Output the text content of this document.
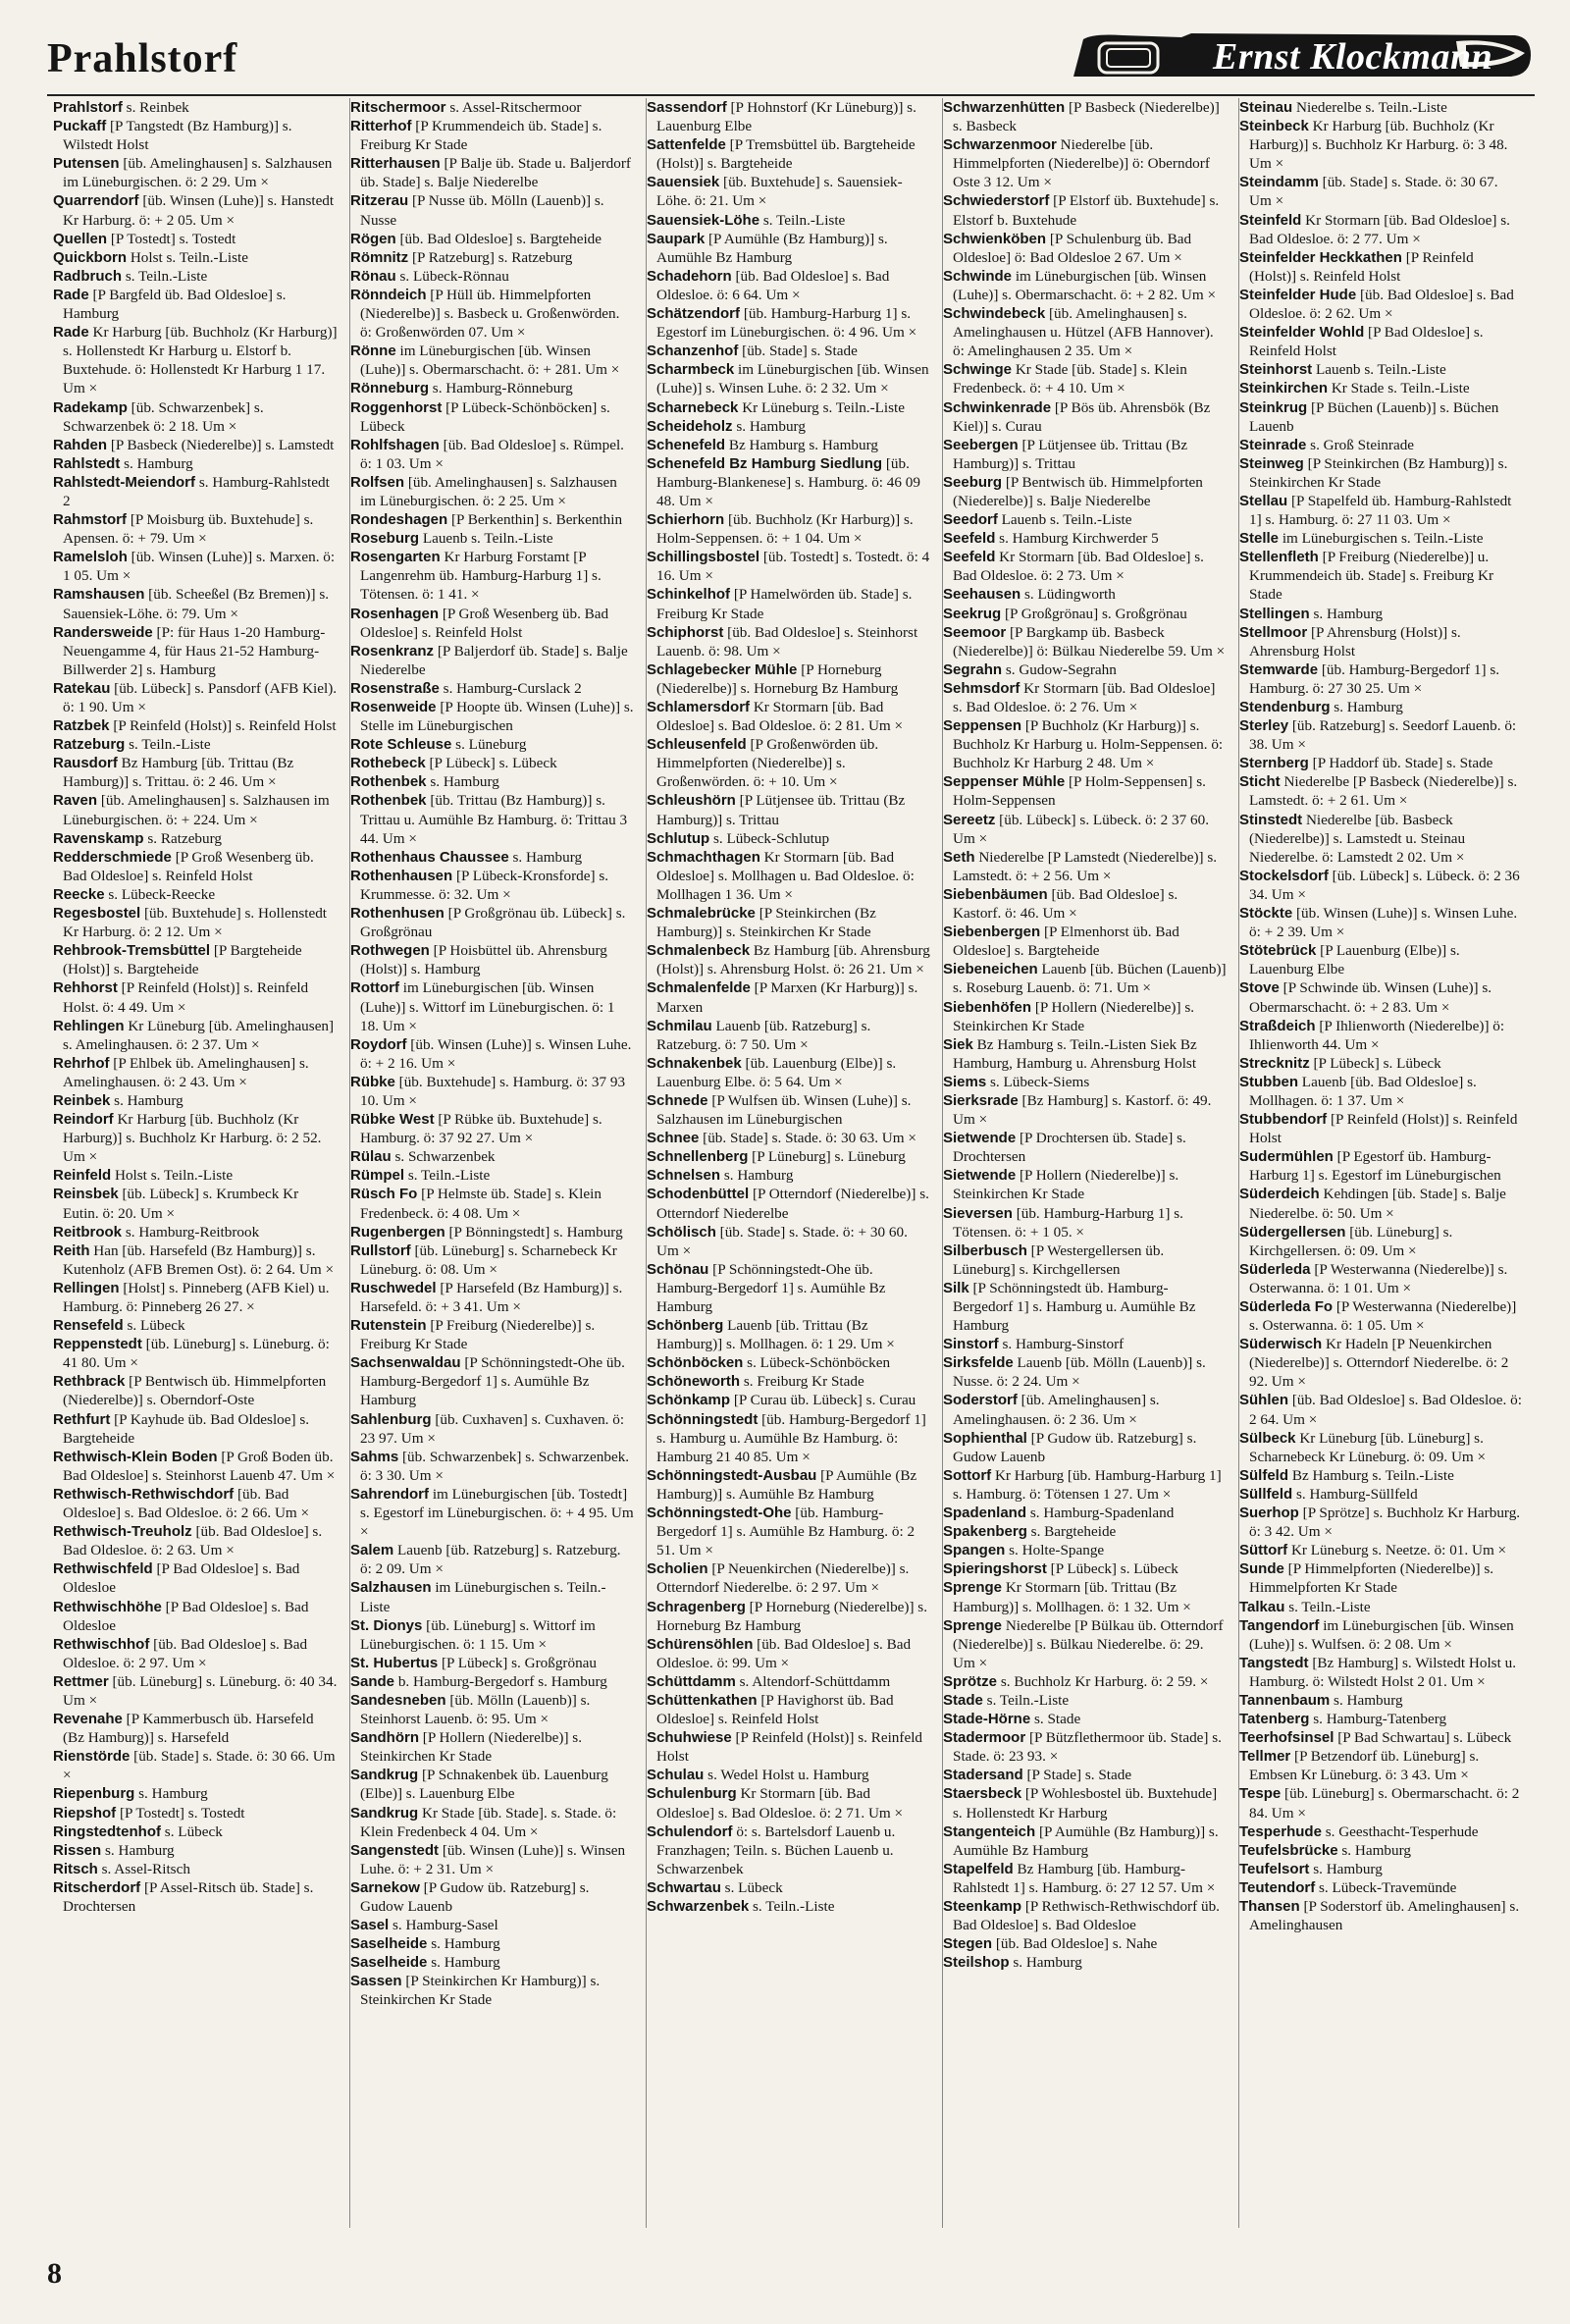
Prahlstorf	Ernst Klockmann

Prahlstorf s. Reinbek

Puckaff [P Tangstedt (Bz Hamburg)] s. Wilstedt Holst

Putensen [üb. Amelinghausen] s. Salzhausen im Lüneburgischen. ö: 2 29. Um ×

Quarrendorf [üb. Winsen (Luhe)] s. Hanstedt Kr Harburg. ö: + 2 05. Um ×

Quellen [P Tostedt] s. Tostedt

Quickborn Holst s. Teiln.-Liste

Radbruch s. Teiln.-Liste

Rade [P Bargfeld üb. Bad Oldesloe] s. Hamburg

Rade Kr Harburg [üb. Buchholz (Kr Harburg)] s. Hollenstedt Kr Harburg u. Elstorf b. Buxtehude. ö: Hollenstedt Kr Harburg 1 17. Um ×

Radekamp [üb. Schwarzenbek] s. Schwarzenbek ö: 2 18. Um ×

Rahden [P Basbeck (Niederelbe)] s. Lamstedt

Rahlstedt s. Hamburg

Rahlstedt-Meiendorf s. Hamburg-Rahlstedt 2

Rahmstorf [P Moisburg üb. Buxtehude] s. Apensen. ö: + 79. Um ×

Ramelsloh [üb. Winsen (Luhe)] s. Marxen. ö: 1 05. Um ×

Ramshausen [üb. Scheeßel (Bz Bremen)] s. Sauensiek-Löhe. ö: 79. Um ×

Randersweide [P: für Haus 1-20 Hamburg-Neuengamme 4, für Haus 21-52 Hamburg-Billwerder 2] s. Hamburg

Ratekau [üb. Lübeck] s. Pansdorf (AFB Kiel). ö: 1 90. Um ×

Ratzbek [P Reinfeld (Holst)] s. Reinfeld Holst

Ratzeburg s. Teiln.-Liste

Rausdorf Bz Hamburg [üb. Trittau (Bz Hamburg)] s. Trittau. ö: 2 46. Um ×

Raven [üb. Amelinghausen] s. Salzhausen im Lüneburgischen. ö: + 224. Um ×

Ravenskamp s. Ratzeburg

Redderschmiede [P Groß Wesenberg üb. Bad Oldesloe] s. Reinfeld Holst

Reecke s. Lübeck-Reecke

Regesbostel [üb. Buxtehude] s. Hollenstedt Kr Harburg. ö: 2 12. Um ×

Rehbrook-Tremsbüttel [P Bargteheide (Holst)] s. Bargteheide

Rehhorst [P Reinfeld (Holst)] s. Reinfeld Holst. ö: 4 49. Um ×

Rehlingen Kr Lüneburg [üb. Amelinghausen] s. Amelinghausen. ö: 2 37. Um ×

Rehrhof [P Ehlbek üb. Amelinghausen] s. Amelinghausen. ö: 2 43. Um ×

Reinbek s. Hamburg

Reindorf Kr Harburg [üb. Buchholz (Kr Harburg)] s. Buchholz Kr Harburg. ö: 2 52. Um ×

Reinfeld Holst s. Teiln.-Liste

Reinsbek [üb. Lübeck] s. Krumbeck Kr Eutin. ö: 20. Um ×

Reitbrook s. Hamburg-Reitbrook

Reith Han [üb. Harsefeld (Bz Hamburg)] s. Kutenholz (AFB Bremen Ost). ö: 2 64. Um ×

Rellingen [Holst] s. Pinneberg (AFB Kiel) u. Hamburg. ö: Pinneberg 26 27. ×

Rensefeld s. Lübeck

Reppenstedt [üb. Lüneburg] s. Lüneburg. ö: 41 80. Um ×

Rethbrack [P Bentwisch üb. Himmelpforten (Niederelbe)] s. Oberndorf-Oste

Rethfurt [P Kayhude üb. Bad Oldesloe] s. Bargteheide

Rethwisch-Klein Boden [P Groß Boden üb. Bad Oldesloe] s. Steinhorst Lauenb 47. Um ×

Rethwisch-Rethwischdorf [üb. Bad Oldesloe] s. Bad Oldesloe. ö: 2 66. Um ×

Rethwisch-Treuholz [üb. Bad Oldesloe] s. Bad Oldesloe. ö: 2 63. Um ×

Rethwischfeld [P Bad Oldesloe] s. Bad Oldesloe

Rethwischhöhe [P Bad Oldesloe] s. Bad Oldesloe

Rethwischhof [üb. Bad Oldesloe] s. Bad Oldesloe. ö: 2 97. Um ×

Rettmer [üb. Lüneburg] s. Lüneburg. ö: 40 34. Um ×

Revenahe [P Kammerbusch üb. Harsefeld (Bz Hamburg)] s. Harsefeld

Rienstörde [üb. Stade] s. Stade. ö: 30 66. Um ×

Riepenburg s. Hamburg

Riepshof [P Tostedt] s. Tostedt

Ringstedtenhof s. Lübeck

Rissen s. Hamburg

Ritsch s. Assel-Ritsch

Ritscherdorf [P Assel-Ritsch üb. Stade] s. Drochtersen

Ritschermoor s. Assel-Ritschermoor

Ritterhof [P Krummendeich üb. Stade] s. Freiburg Kr Stade

Ritterhausen [P Balje üb. Stade u. Baljerdorf üb. Stade] s. Balje Niederelbe

Ritzerau [P Nusse üb. Mölln (Lauenb)] s. Nusse

Rögen [üb. Bad Oldesloe] s. Bargteheide

Römnitz [P Ratzeburg] s. Ratzeburg

Rönau s. Lübeck-Rönnau

Rönndeich [P Hüll üb. Himmelpforten (Niederelbe)] s. Basbeck u. Großenwörden. ö: Großenwörden 07. Um ×

Rönne im Lüneburgischen [üb. Winsen (Luhe)] s. Obermarschacht. ö: + 281. Um ×

Rönneburg s. Hamburg-Rönneburg

Roggenhorst [P Lübeck-Schönböcken] s. Lübeck

Rohlfshagen [üb. Bad Oldesloe] s. Rümpel. ö: 1 03. Um ×

Rolfsen [üb. Amelinghausen] s. Salzhausen im Lüneburgischen. ö: 2 25. Um ×

Rondeshagen [P Berkenthin] s. Berkenthin

Roseburg Lauenb s. Teiln.-Liste

Rosengarten Kr Harburg Forstamt [P Langenrehm üb. Hamburg-Harburg 1] s. Tötensen. ö: 1 41. ×

Rosenhagen [P Groß Wesenberg üb. Bad Oldesloe] s. Reinfeld Holst

Rosenkranz [P Baljerdorf üb. Stade] s. Balje Niederelbe

Rosenstraße s. Hamburg-Curslack 2

Rosenweide [P Hoopte üb. Winsen (Luhe)] s. Stelle im Lüneburgischen

Rote Schleuse s. Lüneburg

Rothebeck [P Lübeck] s. Lübeck

Rothenbek s. Hamburg

Rothenbek [üb. Trittau (Bz Hamburg)] s. Trittau u. Aumühle Bz Hamburg. ö: Trittau 3 44. Um ×

Rothenhaus Chaussee s. Hamburg

Rothenhausen [P Lübeck-Kronsforde] s. Krummesse. ö: 32. Um ×

Rothenhusen [P Großgrönau üb. Lübeck] s. Großgrönau

Rothwegen [P Hoisbüttel üb. Ahrensburg (Holst)] s. Hamburg

Rottorf im Lüneburgischen [üb. Winsen (Luhe)] s. Wittorf im Lüneburgischen. ö: 1 18. Um ×

Roydorf [üb. Winsen (Luhe)] s. Winsen Luhe. ö: + 2 16. Um ×

Rübke [üb. Buxtehude] s. Hamburg. ö: 37 93 10. Um ×

Rübke West [P Rübke üb. Buxtehude] s. Hamburg. ö: 37 92 27. Um ×

Rülau s. Schwarzenbek

Rümpel s. Teiln.-Liste

Rüsch Fo [P Helmste üb. Stade] s. Klein Fredenbeck. ö: 4 08. Um ×

Rugenbergen [P Bönningstedt] s. Hamburg

Rullstorf [üb. Lüneburg] s. Scharnebeck Kr Lüneburg. ö: 08. Um ×

Ruschwedel [P Harsefeld (Bz Hamburg)] s. Harsefeld. ö: + 3 41. Um ×

Rutenstein [P Freiburg (Niederelbe)] s. Freiburg Kr Stade

Sachsenwaldau [P Schönningstedt-Ohe üb. Hamburg-Bergedorf 1] s. Aumühle Bz Hamburg

Sahlenburg [üb. Cuxhaven] s. Cuxhaven. ö: 23 97. Um ×

Sahms [üb. Schwarzenbek] s. Schwarzenbek. ö: 3 30. Um ×

Sahrendorf im Lüneburgischen [üb. Tostedt] s. Egestorf im Lüneburgischen. ö: + 4 95. Um ×

Salem Lauenb [üb. Ratzeburg] s. Ratzeburg. ö: 2 09. Um ×

Salzhausen im Lüneburgischen s. Teiln.-Liste

St. Dionys [üb. Lüneburg] s. Wittorf im Lüneburgischen. ö: 1 15. Um ×

St. Hubertus [P Lübeck] s. Großgrönau

Sande b. Hamburg-Bergedorf s. Hamburg

Sandesneben [üb. Mölln (Lauenb)] s. Steinhorst Lauenb. ö: 95. Um ×

Sandhörn [P Hollern (Niederelbe)] s. Steinkirchen Kr Stade

Sandkrug [P Schnakenbek üb. Lauenburg (Elbe)] s. Lauenburg Elbe

Sandkrug Kr Stade [üb. Stade]. s. Stade. ö: Klein Fredenbeck 4 04. Um ×

Sangenstedt [üb. Winsen (Luhe)] s. Winsen Luhe. ö: + 2 31. Um ×

Sarnekow [P Gudow üb. Ratzeburg] s. Gudow Lauenb

Sasel s. Hamburg-Sasel

Saselheide s. Hamburg

Saselheide s. Hamburg

Sassen [P Steinkirchen Kr Hamburg)] s. Steinkirchen Kr Stade

Sassendorf [P Hohnstorf (Kr Lüneburg)] s. Lauenburg Elbe

Sattenfelde [P Tremsbüttel üb. Bargteheide (Holst)] s. Bargteheide

Sauensiek [üb. Buxtehude] s. Sauensiek-Löhe. ö: 21. Um ×

Sauensiek-Löhe s. Teiln.-Liste

Saupark [P Aumühle (Bz Hamburg)] s. Aumühle Bz Hamburg

Schadehorn [üb. Bad Oldesloe] s. Bad Oldesloe. ö: 6 64. Um ×

Schätzendorf [üb. Hamburg-Harburg 1] s. Egestorf im Lüneburgischen. ö: 4 96. Um ×

Schanzenhof [üb. Stade] s. Stade

Scharmbeck im Lüneburgischen [üb. Winsen (Luhe)] s. Winsen Luhe. ö: 2 32. Um ×

Scharnebeck Kr Lüneburg s. Teiln.-Liste

Scheideholz s. Hamburg

Schenefeld Bz Hamburg s. Hamburg

Schenefeld Bz Hamburg Siedlung [üb. Hamburg-Blankenese] s. Hamburg. ö: 46 09 48. Um ×

Schierhorn [üb. Buchholz (Kr Harburg)] s. Holm-Seppensen. ö: + 1 04. Um ×

Schillingsbostel [üb. Tostedt] s. Tostedt. ö: 4 16. Um ×

Schinkelhof [P Hamelwörden üb. Stade] s. Freiburg Kr Stade

Schiphorst [üb. Bad Oldesloe] s. Steinhorst Lauenb. ö: 98. Um ×

Schlagebecker Mühle [P Horneburg (Niederelbe)] s. Horneburg Bz Hamburg

Schlamersdorf Kr Stormarn [üb. Bad Oldesloe] s. Bad Oldesloe. ö: 2 81. Um ×

Schleusenfeld [P Großenwörden üb. Himmelpforten (Niederelbe)] s. Großenwörden. ö: + 10. Um ×

Schleushörn [P Lütjensee üb. Trittau (Bz Hamburg)] s. Trittau

Schlutup s. Lübeck-Schlutup

Schmachthagen Kr Stormarn [üb. Bad Oldesloe] s. Mollhagen u. Bad Oldesloe. ö: Mollhagen 1 36. Um ×

Schmalebrücke [P Steinkirchen (Bz Hamburg)] s. Steinkirchen Kr Stade

Schmalenbeck Bz Hamburg [üb. Ahrensburg (Holst)] s. Ahrensburg Holst. ö: 26 21. Um ×

Schmalenfelde [P Marxen (Kr Harburg)] s. Marxen

Schmilau Lauenb [üb. Ratzeburg] s. Ratzeburg. ö: 7 50. Um ×

Schnakenbek [üb. Lauenburg (Elbe)] s. Lauenburg Elbe. ö: 5 64. Um ×

Schnede [P Wulfsen üb. Winsen (Luhe)] s. Salzhausen im Lüneburgischen

Schnee [üb. Stade] s. Stade. ö: 30 63. Um ×

Schnellenberg [P Lüneburg] s. Lüneburg

Schnelsen s. Hamburg

Schodenbüttel [P Otterndorf (Niederelbe)] s. Otterndorf Niederelbe

Schölisch [üb. Stade] s. Stade. ö: + 30 60. Um ×

Schönau [P Schönningstedt-Ohe üb. Hamburg-Bergedorf 1] s. Aumühle Bz Hamburg

Schönberg Lauenb [üb. Trittau (Bz Hamburg)] s. Mollhagen. ö: 1 29. Um ×

Schönböcken s. Lübeck-Schönböcken

Schöneworth s. Freiburg Kr Stade

Schönkamp [P Curau üb. Lübeck] s. Curau

Schönningstedt [üb. Hamburg-Bergedorf 1] s. Hamburg u. Aumühle Bz Hamburg. ö: Hamburg 21 40 85. Um ×

Schönningstedt-Ausbau [P Aumühle (Bz Hamburg)] s. Aumühle Bz Hamburg

Schönningstedt-Ohe [üb. Hamburg-Bergedorf 1] s. Aumühle Bz Hamburg. ö: 2 51. Um ×

Scholien [P Neuenkirchen (Niederelbe)] s. Otterndorf Niederelbe. ö: 2 97. Um ×

Schragenberg [P Horneburg (Niederelbe)] s. Horneburg Bz Hamburg

Schürensöhlen [üb. Bad Oldesloe] s. Bad Oldesloe. ö: 99. Um ×

Schüttdamm s. Altendorf-Schüttdamm

Schüttenkathen [P Havighorst üb. Bad Oldesloe] s. Reinfeld Holst

Schuhwiese [P Reinfeld (Holst)] s. Reinfeld Holst

Schulau s. Wedel Holst u. Hamburg

Schulenburg Kr Stormarn [üb. Bad Oldesloe] s. Bad Oldesloe. ö: 2 71. Um ×

Schulendorf ö: s. Bartelsdorf Lauenb u. Franzhagen; Teiln. s. Büchen Lauenb u. Schwarzenbek

Schwartau s. Lübeck

Schwarzenbek s. Teiln.-Liste

Schwarzenhütten [P Basbeck (Niederelbe)] s. Basbeck

Schwarzenmoor Niederelbe [üb. Himmelpforten (Niederelbe)] ö: Oberndorf Oste 3 12. Um ×

Schwiederstorf [P Elstorf üb. Buxtehude] s. Elstorf b. Buxtehude

Schwienköben [P Schulenburg üb. Bad Oldesloe] ö: Bad Oldesloe 2 67. Um ×

Schwinde im Lüneburgischen [üb. Winsen (Luhe)] s. Obermarschacht. ö: + 2 82. Um ×

Schwindebeck [üb. Amelinghausen] s. Amelinghausen u. Hützel (AFB Hannover). ö: Amelinghausen 2 35. Um ×

Schwinge Kr Stade [üb. Stade] s. Klein Fredenbeck. ö: + 4 10. Um ×

Schwinkenrade [P Bös üb. Ahrensbök (Bz Kiel)] s. Curau

Seebergen [P Lütjensee üb. Trittau (Bz Hamburg)] s. Trittau

Seeburg [P Bentwisch üb. Himmelpforten (Niederelbe)] s. Balje Niederelbe

Seedorf Lauenb s. Teiln.-Liste

Seefeld s. Hamburg Kirchwerder 5

Seefeld Kr Stormarn [üb. Bad Oldesloe] s. Bad Oldesloe. ö: 2 73. Um ×

Seehausen s. Lüdingworth

Seekrug [P Großgrönau] s. Großgrönau

Seemoor [P Bargkamp üb. Basbeck (Niederelbe)] ö: Bülkau Niederelbe 59. Um ×

Segrahn s. Gudow-Segrahn

Sehmsdorf Kr Stormarn [üb. Bad Oldesloe] s. Bad Oldesloe. ö: 2 76. Um ×

Seppensen [P Buchholz (Kr Harburg)] s. Buchholz Kr Harburg u. Holm-Seppensen. ö: Buchholz Kr Harburg 2 48. Um ×

Seppenser Mühle [P Holm-Seppensen] s. Holm-Seppensen

Sereetz [üb. Lübeck] s. Lübeck. ö: 2 37 60. Um ×

Seth Niederelbe [P Lamstedt (Niederelbe)] s. Lamstedt. ö: + 2 56. Um ×

Siebenbäumen [üb. Bad Oldesloe] s. Kastorf. ö: 46. Um ×

Siebenbergen [P Elmenhorst üb. Bad Oldesloe] s. Bargteheide

Siebeneichen Lauenb [üb. Büchen (Lauenb)] s. Roseburg Lauenb. ö: 71. Um ×

Siebenhöfen [P Hollern (Niederelbe)] s. Steinkirchen Kr Stade

Siek Bz Hamburg s. Teiln.-Listen Siek Bz Hamburg, Hamburg u. Ahrensburg Holst

Siems s. Lübeck-Siems

Sierksrade [Bz Hamburg] s. Kastorf. ö: 49. Um ×

Sietwende [P Drochtersen üb. Stade] s. Drochtersen

Sietwende [P Hollern (Niederelbe)] s. Steinkirchen Kr Stade

Sieversen [üb. Hamburg-Harburg 1] s. Tötensen. ö: + 1 05. ×

Silberbusch [P Westergellersen üb. Lüneburg] s. Kirchgellersen

Silk [P Schönningstedt üb. Hamburg-Bergedorf 1] s. Hamburg u. Aumühle Bz Hamburg

Sinstorf s. Hamburg-Sinstorf

Sirksfelde Lauenb [üb. Mölln (Lauenb)] s. Nusse. ö: 2 24. Um ×

Soderstorf [üb. Amelinghausen] s. Amelinghausen. ö: 2 36. Um ×

Sophienthal [P Gudow üb. Ratzeburg] s. Gudow Lauenb

Sottorf Kr Harburg [üb. Hamburg-Harburg 1] s. Hamburg. ö: Tötensen 1 27. Um ×

Spadenland s. Hamburg-Spadenland

Spakenberg s. Bargteheide

Spangen s. Holte-Spange

Spieringshorst [P Lübeck] s. Lübeck

Sprenge Kr Stormarn [üb. Trittau (Bz Hamburg)] s. Mollhagen. ö: 1 32. Um ×

Sprenge Niederelbe [P Bülkau üb. Otterndorf (Niederelbe)] s. Bülkau Niederelbe. ö: 29. Um ×

Sprötze s. Buchholz Kr Harburg. ö: 2 59. ×

Stade s. Teiln.-Liste

Stade-Hörne s. Stade

Stadermoor [P Bützflethermoor üb. Stade] s. Stade. ö: 23 93. ×

Stadersand [P Stade] s. Stade

Staersbeck [P Wohlesbostel üb. Buxtehude] s. Hollenstedt Kr Harburg

Stangenteich [P Aumühle (Bz Hamburg)] s. Aumühle Bz Hamburg

Stapelfeld Bz Hamburg [üb. Hamburg-Rahlstedt 1] s. Hamburg. ö: 27 12 57. Um ×

Steenkamp [P Rethwisch-Rethwischdorf üb. Bad Oldesloe] s. Bad Oldesloe

Stegen [üb. Bad Oldesloe] s. Nahe

Steilshop s. Hamburg

Steinau Niederelbe s. Teiln.-Liste

Steinbeck Kr Harburg [üb. Buchholz (Kr Harburg)] s. Buchholz Kr Harburg. ö: 3 48. Um ×

Steindamm [üb. Stade] s. Stade. ö: 30 67. Um ×

Steinfeld Kr Stormarn [üb. Bad Oldesloe] s. Bad Oldesloe. ö: 2 77. Um ×

Steinfelder Heckkathen [P Reinfeld (Holst)] s. Reinfeld Holst

Steinfelder Hude [üb. Bad Oldesloe] s. Bad Oldesloe. ö: 2 62. Um ×

Steinfelder Wohld [P Bad Oldesloe] s. Reinfeld Holst

Steinhorst Lauenb s. Teiln.-Liste

Steinkirchen Kr Stade s. Teiln.-Liste

Steinkrug [P Büchen (Lauenb)] s. Büchen Lauenb

Steinrade s. Groß Steinrade

Steinweg [P Steinkirchen (Bz Hamburg)] s. Steinkirchen Kr Stade

Stellau [P Stapelfeld üb. Hamburg-Rahlstedt 1] s. Hamburg. ö: 27 11 03. Um ×

Stelle im Lüneburgischen s. Teiln.-Liste

Stellenfleth [P Freiburg (Niederelbe)] u. Krummendeich üb. Stade] s. Freiburg Kr Stade

Stellingen s. Hamburg

Stellmoor [P Ahrensburg (Holst)] s. Ahrensburg Holst

Stemwarde [üb. Hamburg-Bergedorf 1] s. Hamburg. ö: 27 30 25. Um ×

Stendenburg s. Hamburg

Sterley [üb. Ratzeburg] s. Seedorf Lauenb. ö: 38. Um ×

Sternberg [P Haddorf üb. Stade] s. Stade

Sticht Niederelbe [P Basbeck (Niederelbe)] s. Lamstedt. ö: + 2 61. Um ×

Stinstedt Niederelbe [üb. Basbeck (Niederelbe)] s. Lamstedt u. Steinau Niederelbe. ö: Lamstedt 2 02. Um ×

Stockelsdorf [üb. Lübeck] s. Lübeck. ö: 2 36 34. Um ×

Stöckte [üb. Winsen (Luhe)] s. Winsen Luhe. ö: + 2 39. Um ×

Stötebrück [P Lauenburg (Elbe)] s. Lauenburg Elbe

Stove [P Schwinde üb. Winsen (Luhe)] s. Obermarschacht. ö: + 2 83. Um ×

Straßdeich [P Ihlienworth (Niederelbe)] ö: Ihlienworth 44. Um ×

Strecknitz [P Lübeck] s. Lübeck

Stubben Lauenb [üb. Bad Oldesloe] s. Mollhagen. ö: 1 37. Um ×

Stubbendorf [P Reinfeld (Holst)] s. Reinfeld Holst

Sudermühlen [P Egestorf üb. Hamburg-Harburg 1] s. Egestorf im Lüneburgischen

Süderdeich Kehdingen [üb. Stade] s. Balje Niederelbe. ö: 50. Um ×

Südergellersen [üb. Lüneburg] s. Kirchgellersen. ö: 09. Um ×

Süderleda [P Westerwanna (Niederelbe)] s. Osterwanna. ö: 1 01. Um ×

Süderleda Fo [P Westerwanna (Niederelbe)] s. Osterwanna. ö: 1 05. Um ×

Süderwisch Kr Hadeln [P Neuenkirchen (Niederelbe)] s. Otterndorf Niederelbe. ö: 2 92. Um ×

Sühlen [üb. Bad Oldesloe] s. Bad Oldesloe. ö: 2 64. Um ×

Sülbeck Kr Lüneburg [üb. Lüneburg] s. Scharnebeck Kr Lüneburg. ö: 09. Um ×

Sülfeld Bz Hamburg s. Teiln.-Liste

Süllfeld s. Hamburg-Süllfeld

Suerhop [P Sprötze] s. Buchholz Kr Harburg. ö: 3 42. Um ×

Süttorf Kr Lüneburg s. Neetze. ö: 01. Um ×

Sunde [P Himmelpforten (Niederelbe)] s. Himmelpforten Kr Stade

Talkau s. Teiln.-Liste

Tangendorf im Lüneburgischen [üb. Winsen (Luhe)] s. Wulfsen. ö: 2 08. Um ×

Tangstedt [Bz Hamburg] s. Wilstedt Holst u. Hamburg. ö: Wilstedt Holst 2 01. Um ×

Tannenbaum s. Hamburg

Tatenberg s. Hamburg-Tatenberg

Teerhofsinsel [P Bad Schwartau] s. Lübeck

Tellmer [P Betzendorf üb. Lüneburg] s. Embsen Kr Lüneburg. ö: 3 43. Um ×

Tespe [üb. Lüneburg] s. Obermarschacht. ö: 2 84. Um ×

Tesperhude s. Geesthacht-Tesperhude

Teufelsbrücke s. Hamburg

Teufelsort s. Hamburg

Teutendorf s. Lübeck-Travemünde

Thansen [P Soderstorf üb. Amelinghausen] s. Amelinghausen

8
